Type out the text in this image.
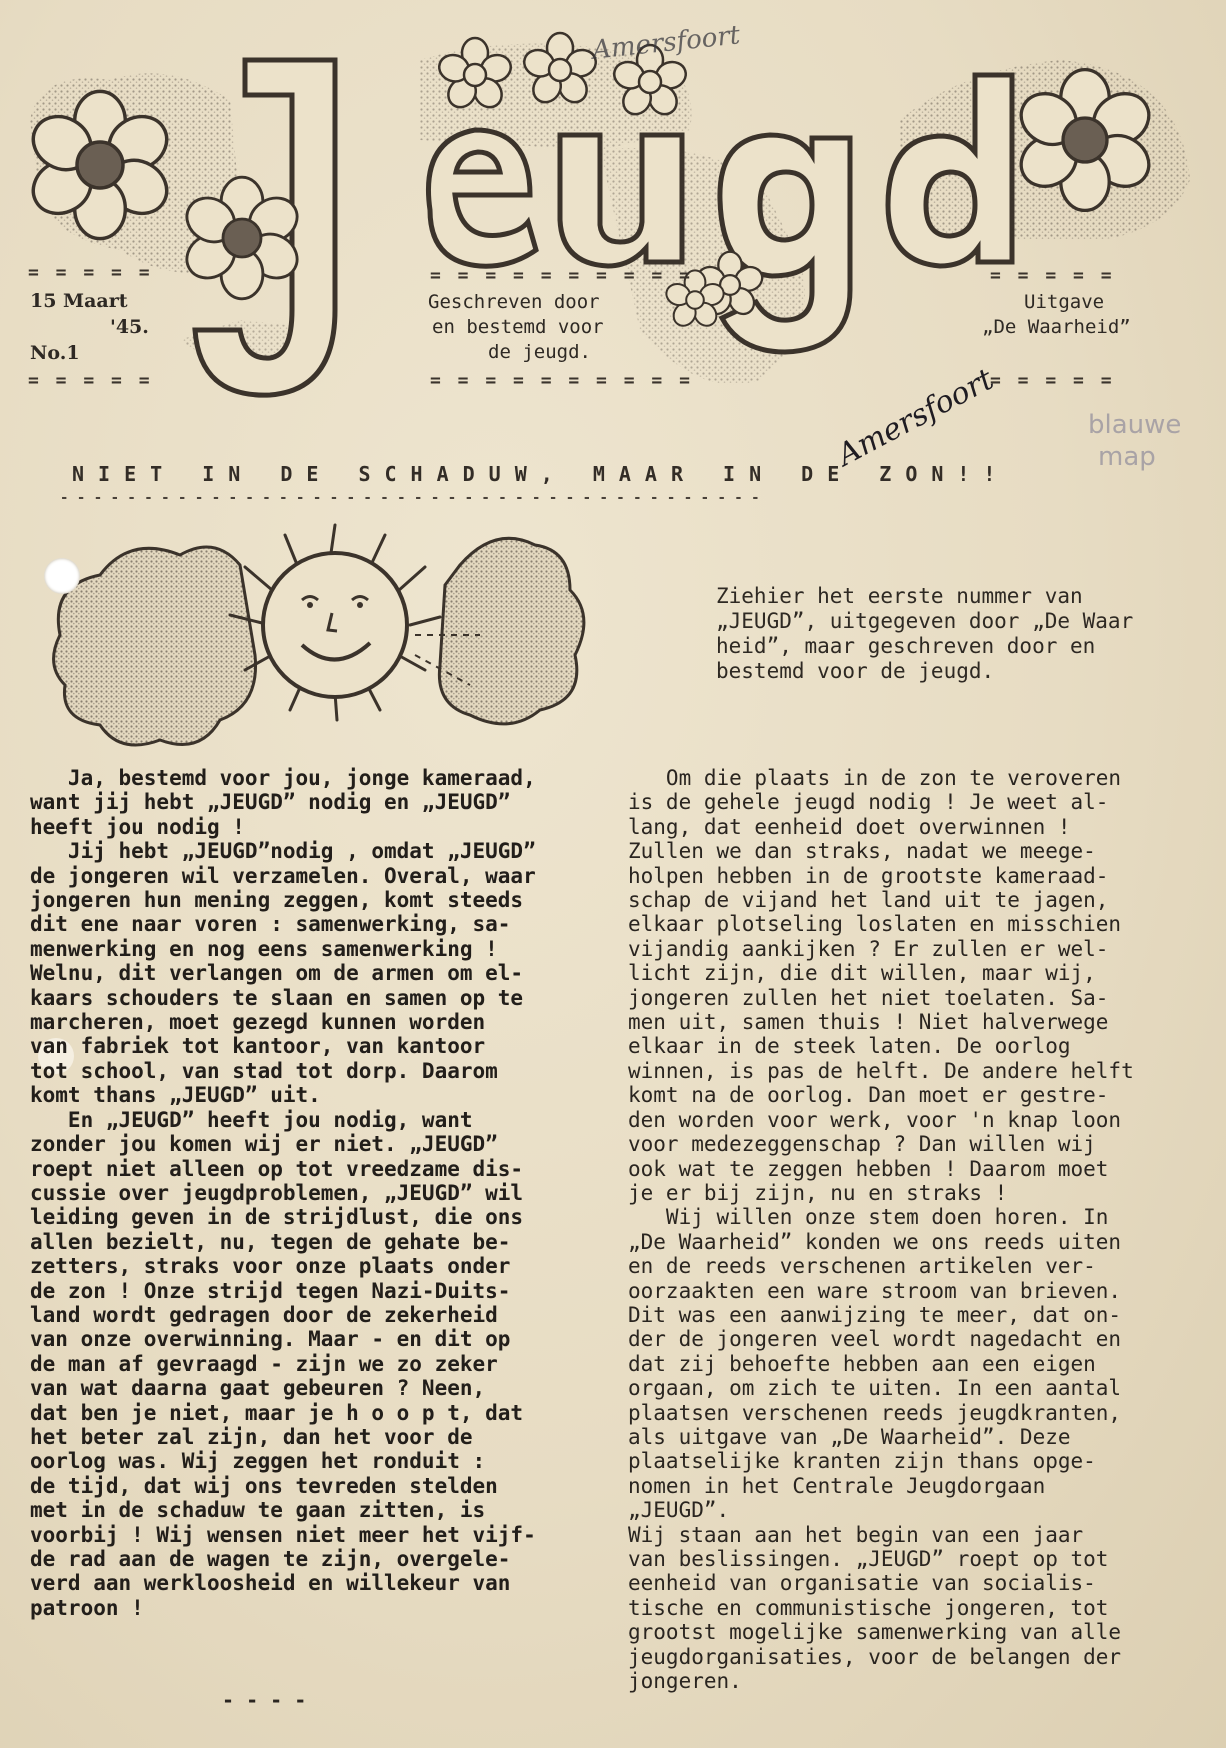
Amersfoort
Amersfoort	blauwe
map
= = = = =
15 Maart
'45.
No.1
= = = = =
= = = = = = = = = =
Geschreven door
en bestemd voor
de jeugd.
= = = = = = = = = =
= = = = =
Uitgave
„De Waarheid”
= = = = =
NIET IN DE SCHADUW, MAAR IN DE ZON!!
- - - - - - - - - - - - - - - - - - - - - - - - - - - - - - - - - - - - - - - - - -
Ziehier het eerste nummer van
„JEUGD”, uitgegeven door „De Waar
heid”, maar geschreven door en
bestemd voor de jeugd.
Ja, bestemd voor jou, jonge kameraad,
want jij hebt „JEUGD” nodig en „JEUGD”
heeft jou nodig !
Jij hebt „JEUGD”nodig , omdat „JEUGD”
de jongeren wil verzamelen. Overal, waar
jongeren hun mening zeggen, komt steeds
dit ene naar voren : samenwerking, sa-
menwerking en nog eens samenwerking !
Welnu, dit verlangen om de armen om el-
kaars schouders te slaan en samen op te
marcheren, moet gezegd kunnen worden
van fabriek tot kantoor, van kantoor
tot school, van stad tot dorp. Daarom
komt thans „JEUGD” uit.
En „JEUGD” heeft jou nodig, want
zonder jou komen wij er niet. „JEUGD”
roept niet alleen op tot vreedzame dis-
cussie over jeugdproblemen, „JEUGD” wil
leiding geven in de strijdlust, die ons
allen bezielt, nu, tegen de gehate be-
zetters, straks voor onze plaats onder
de zon ! Onze strijd tegen Nazi-Duits-
land wordt gedragen door de zekerheid
van onze overwinning. Maar - en dit op
de man af gevraagd - zijn we zo zeker
van wat daarna gaat gebeuren ? Neen,
dat ben je niet, maar je h o o p t, dat
het beter zal zijn, dan het voor de
oorlog was. Wij zeggen het ronduit :
de tijd, dat wij ons tevreden stelden
met in de schaduw te gaan zitten, is
voorbij ! Wij wensen niet meer het vijf-
de rad aan de wagen te zijn, overgele-
verd aan werkloosheid en willekeur van
patroon !
- - - -
Om die plaats in de zon te veroveren
is de gehele jeugd nodig ! Je weet al-
lang, dat eenheid doet overwinnen !
Zullen we dan straks, nadat we meege-
holpen hebben in de grootste kameraad-
schap de vijand het land uit te jagen,
elkaar plotseling loslaten en misschien
vijandig aankijken ? Er zullen er wel-
licht zijn, die dit willen, maar wij,
jongeren zullen het niet toelaten. Sa-
men uit, samen thuis ! Niet halverwege
elkaar in de steek laten. De oorlog
winnen, is pas de helft. De andere helft
komt na de oorlog. Dan moet er gestre-
den worden voor werk, voor 'n knap loon
voor medezeggenschap ? Dan willen wij
ook wat te zeggen hebben ! Daarom moet
je er bij zijn, nu en straks !
Wij willen onze stem doen horen. In
„De Waarheid” konden we ons reeds uiten
en de reeds verschenen artikelen ver-
oorzaakten een ware stroom van brieven.
Dit was een aanwijzing te meer, dat on-
der de jongeren veel wordt nagedacht en
dat zij behoefte hebben aan een eigen
orgaan, om zich te uiten. In een aantal
plaatsen verschenen reeds jeugdkranten,
als uitgave van „De Waarheid”. Deze
plaatselijke kranten zijn thans opge-
nomen in het Centrale Jeugdorgaan
„JEUGD”.
Wij staan aan het begin van een jaar
van beslissingen. „JEUGD” roept op tot
eenheid van organisatie van socialis-
tische en communistische jongeren, tot
grootst mogelijke samenwerking van alle
jeugdorganisaties, voor de belangen der
jongeren.
